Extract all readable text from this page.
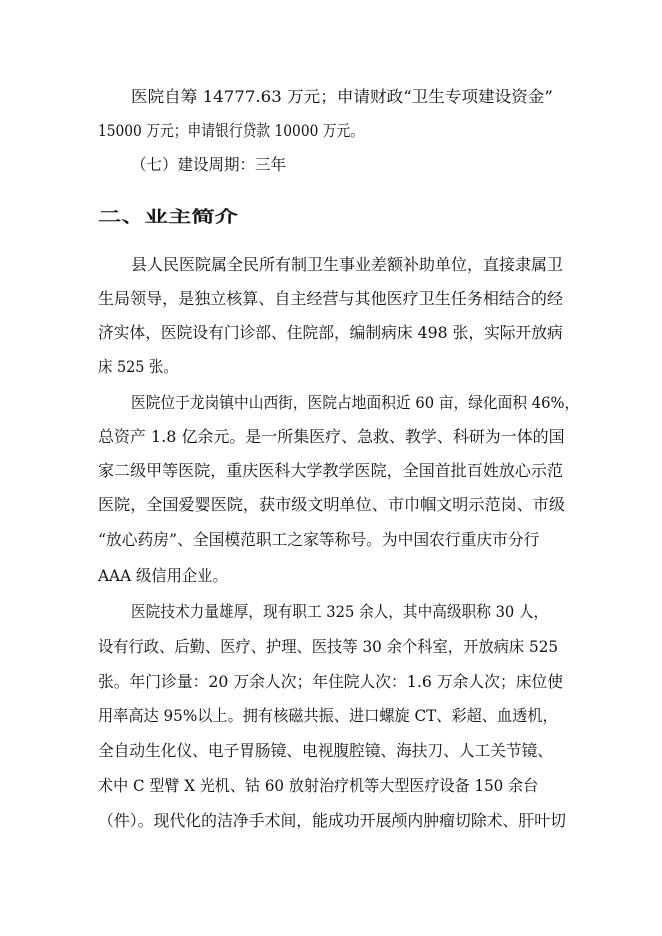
医院自筹 14777.63 万元；申请财政“卫生专项建设资金”
15000 万元；申请银行贷款 10000 万元。
（七）建设周期：三年
二、业主简介
县人民医院属全民所有制卫生事业差额补助单位，直接隶属卫
生局领导，是独立核算、自主经营与其他医疗卫生任务相结合的经
济实体，医院设有门诊部、住院部，编制病床 498 张，实际开放病
床 525 张。
医院位于龙岗镇中山西街，医院占地面积近 60 亩，绿化面积 46%，
总资产 1.8 亿余元。是一所集医疗、急救、教学、科研为一体的国
家二级甲等医院，重庆医科大学教学医院，全国首批百姓放心示范
医院，全国爱婴医院，获市级文明单位、市巾帼文明示范岗、市级
“放心药房”、全国模范职工之家等称号。为中国农行重庆市分行
AAA 级信用企业。
医院技术力量雄厚，现有职工 325 余人，其中高级职称 30 人，
设有行政、后勤、医疗、护理、医技等 30 余个科室，开放病床 525
张。年门诊量：20 万余人次；年住院人次：1.6 万余人次；床位使
用率高达 95%以上。拥有核磁共振、进口螺旋 CT、彩超、血透机，
全自动生化仪、电子胃肠镜、电视腹腔镜、海扶刀、人工关节镜、
术中 C 型臂 X 光机、钴 60 放射治疗机等大型医疗设备 150 余台
（件）。现代化的洁净手术间，能成功开展颅内肿瘤切除术、肝叶切
